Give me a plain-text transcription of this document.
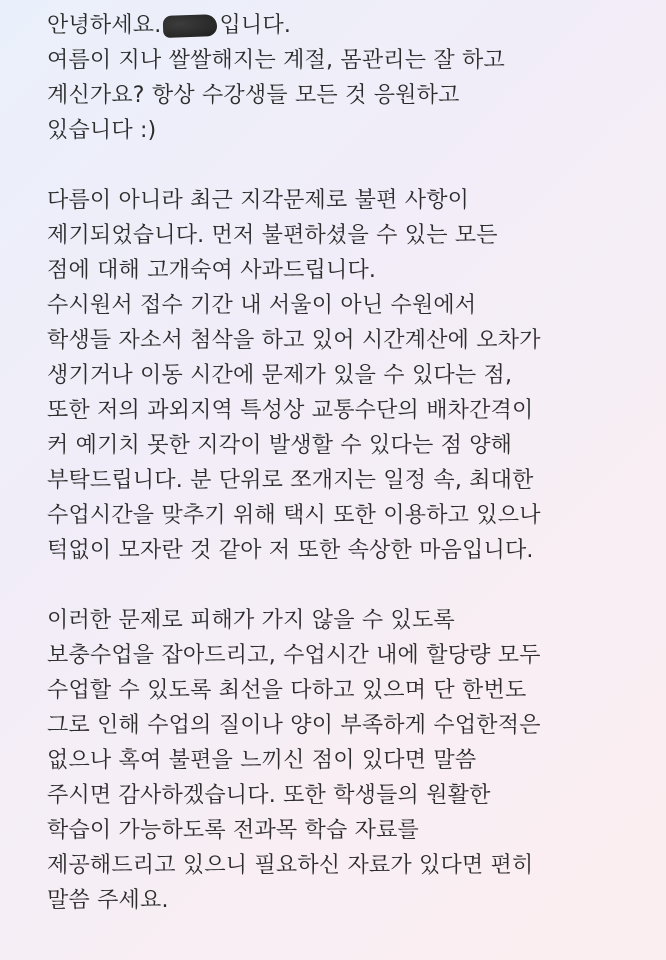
안녕하세요.	입니다.
여름이 지나 쌀쌀해지는 계절, 몸관리는 잘 하고
계신가요? 항상 수강생들 모든 것 응원하고
있습니다 :)
다름이 아니라 최근 지각문제로 불편 사항이
제기되었습니다. 먼저 불편하셨을 수 있는 모든
점에 대해 고개숙여 사과드립니다.
수시원서 접수 기간 내 서울이 아닌 수원에서
학생들 자소서 첨삭을 하고 있어 시간계산에 오차가
생기거나 이동 시간에 문제가 있을 수 있다는 점,
또한 저의 과외지역 특성상 교통수단의 배차간격이
커 예기치 못한 지각이 발생할 수 있다는 점 양해
부탁드립니다. 분 단위로 쪼개지는 일정 속, 최대한
수업시간을 맞추기 위해 택시 또한 이용하고 있으나
턱없이 모자란 것 같아 저 또한 속상한 마음입니다.
이러한 문제로 피해가 가지 않을 수 있도록
보충수업을 잡아드리고, 수업시간 내에 할당량 모두
수업할 수 있도록 최선을 다하고 있으며 단 한번도
그로 인해 수업의 질이나 양이 부족하게 수업한적은
없으나 혹여 불편을 느끼신 점이 있다면 말씀
주시면 감사하겠습니다. 또한 학생들의 원활한
학습이 가능하도록 전과목 학습 자료를
제공해드리고 있으니 필요하신 자료가 있다면 편히
말씀 주세요.
